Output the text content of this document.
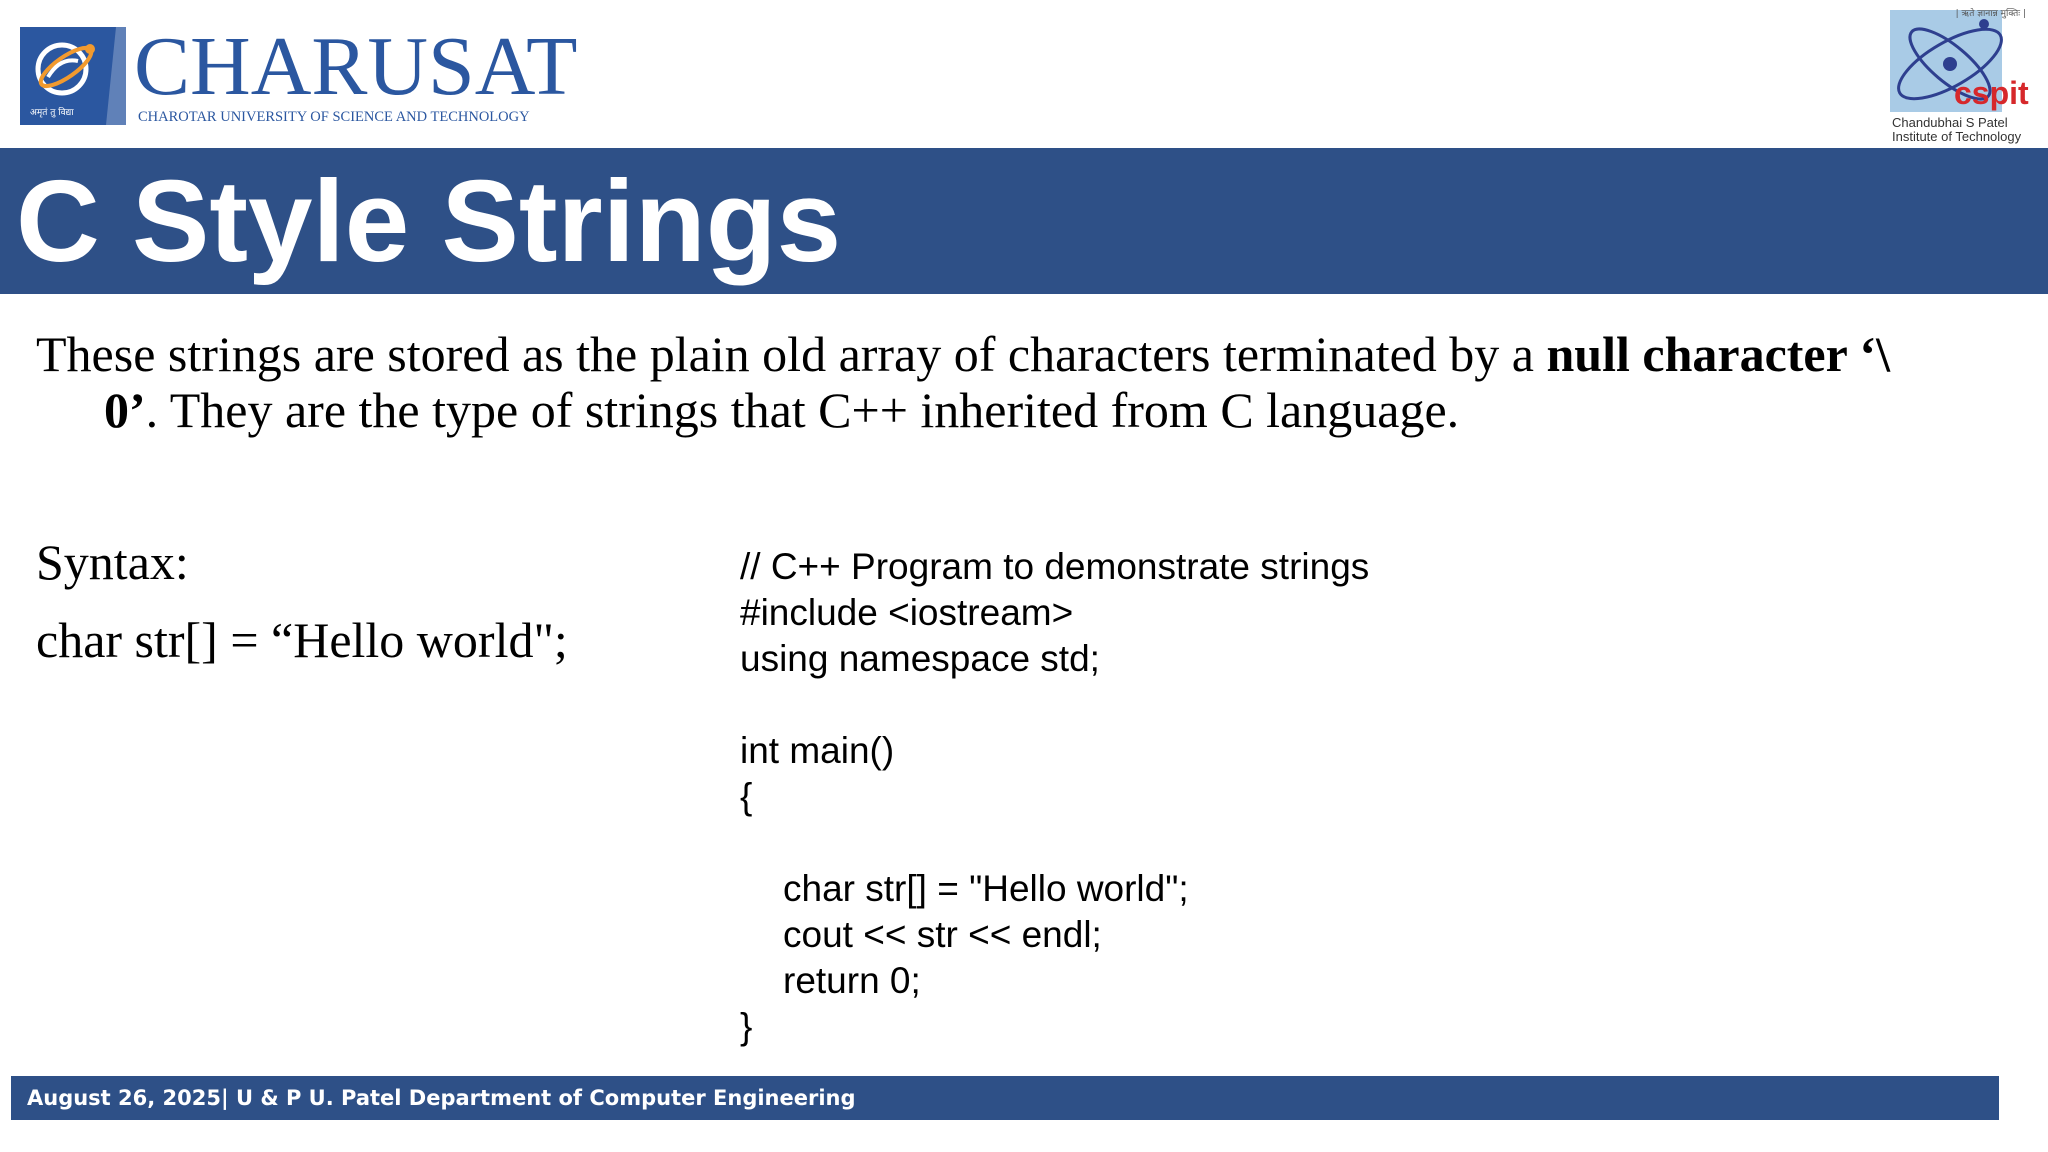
अमृतं तु विद्या
CHARUSAT
CHAROTAR UNIVERSITY OF SCIENCE AND TECHNOLOGY
cspit
| ऋते ज्ञानान्न मुक्तिः |
Chandubhai S Patel
Institute of Technology
C Style Strings

These strings are stored as the plain old array of characters terminated by a null character ‘\
0’. They are the type of strings that C++ inherited from C language.

Syntax:
char str[] = “Hello world";
// C++ Program to demonstrate strings
#include <iostream>
using namespace std;
int main()
{
char str[] = "Hello world";
cout << str << endl;
return 0;
}
August 26, 2025| U & P U. Patel Department of Computer Engineering
